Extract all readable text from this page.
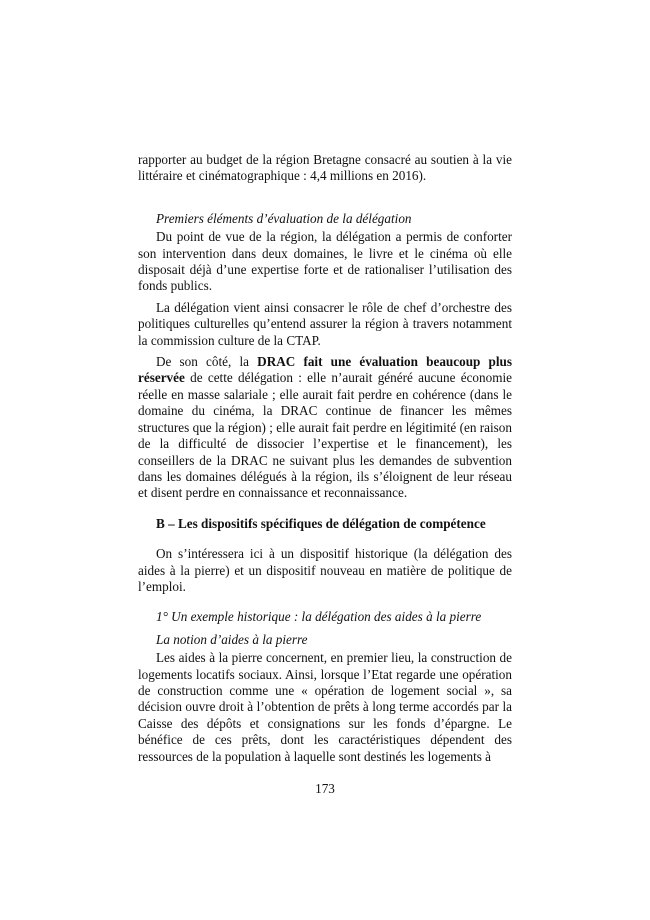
rapporter au budget de la région Bretagne consacré au soutien à la vie littéraire et cinématographique : 4,4 millions en 2016).

Premiers éléments d’évaluation de la délégation

Du point de vue de la région, la délégation a permis de conforter son intervention dans deux domaines, le livre et le cinéma où elle disposait déjà d’une expertise forte et de rationaliser l’utilisation des fonds publics.

La délégation vient ainsi consacrer le rôle de chef d’orchestre des politiques culturelles qu’entend assurer la région à travers notamment la commission culture de la CTAP.

De son côté, la DRAC fait une évaluation beaucoup plus réservée de cette délégation : elle n’aurait généré aucune économie réelle en masse salariale ; elle aurait fait perdre en cohérence (dans le domaine du cinéma, la DRAC continue de financer les mêmes structures que la région) ; elle aurait fait perdre en légitimité (en raison de la difficulté de dissocier l’expertise et le financement), les conseillers de la DRAC ne suivant plus les demandes de subvention dans les domaines délégués à la région, ils s’éloignent de leur réseau et disent perdre en connaissance et reconnaissance.

B – Les dispositifs spécifiques de délégation de compétence

On s’intéressera ici à un dispositif historique (la délégation des aides à la pierre) et un dispositif nouveau en matière de politique de l’emploi.

1° Un exemple historique : la délégation des aides à la pierre

La notion d’aides à la pierre

Les aides à la pierre concernent, en premier lieu, la construction de logements locatifs sociaux. Ainsi, lorsque l’Etat regarde une opération de construction comme une « opération de logement social », sa décision ouvre droit à l’obtention de prêts à long terme accordés par la Caisse des dépôts et consignations sur les fonds d’épargne. Le bénéfice de ces prêts, dont les caractéristiques dépendent des ressources de la population à laquelle sont destinés les logements à

173
